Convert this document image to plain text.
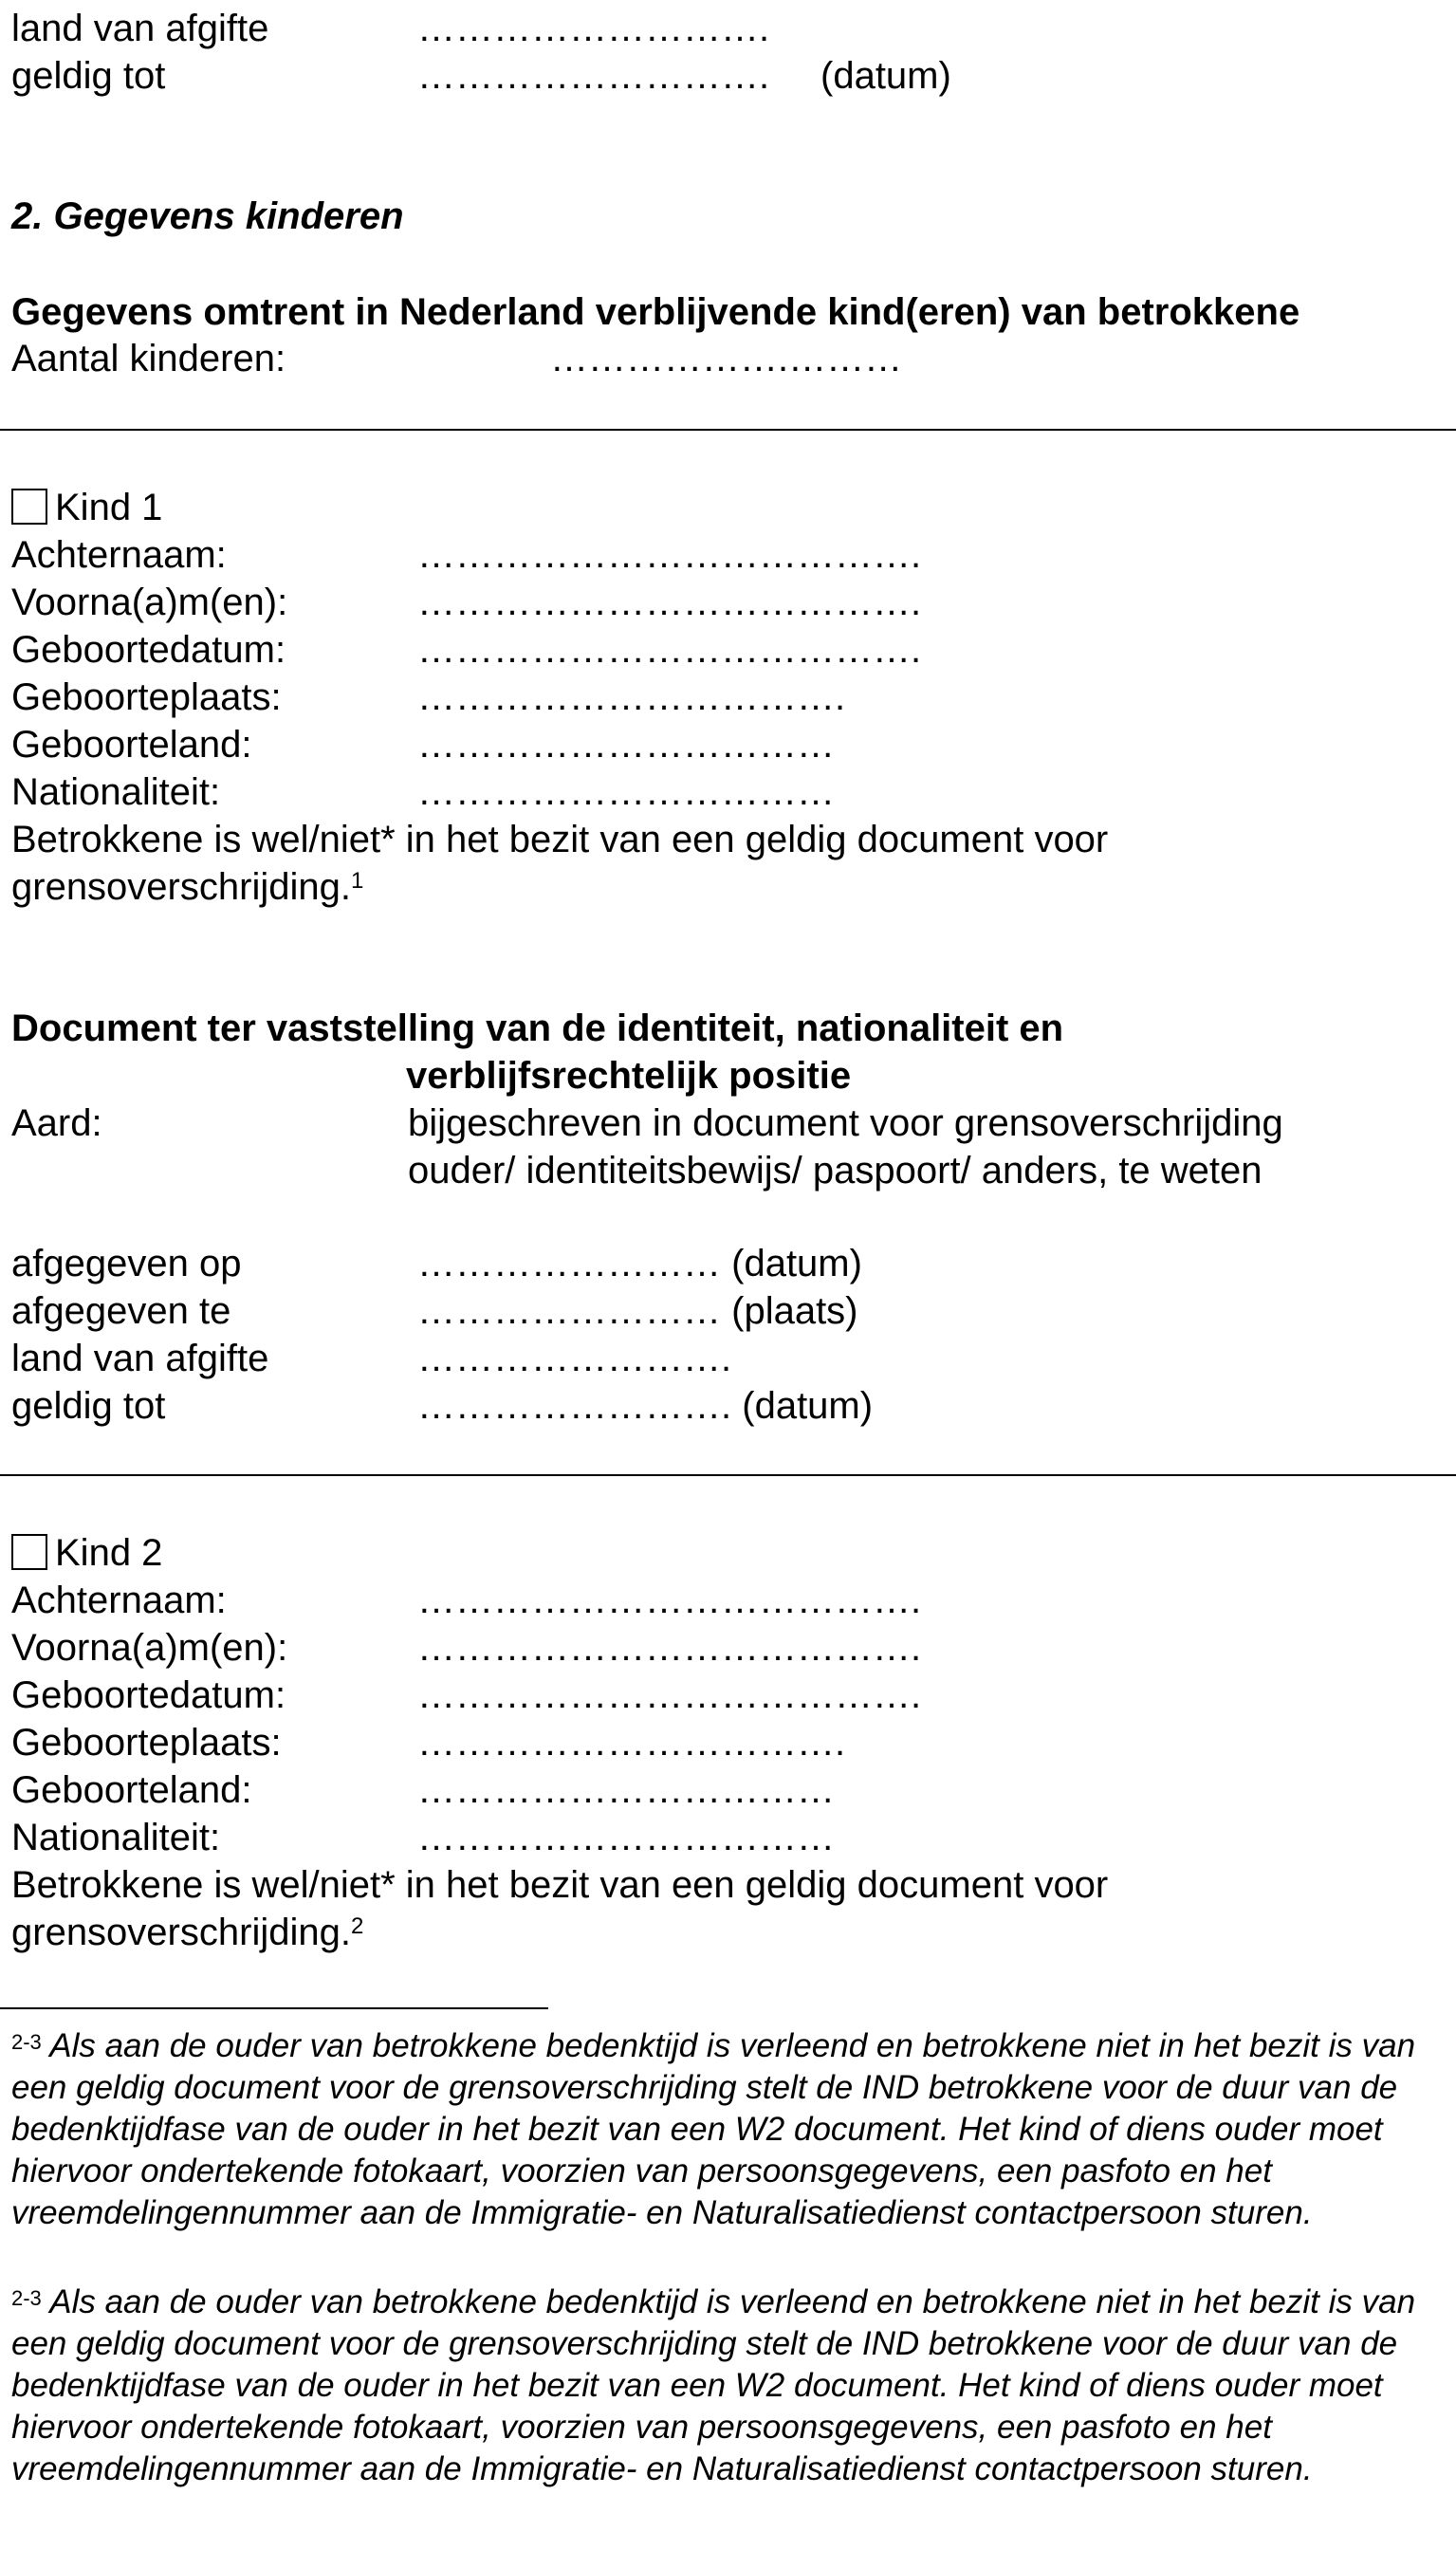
land van afgifte	……………………….
geldig tot	………………………. (datum)
2. Gegevens kinderen
Gegevens omtrent in Nederland verblijvende kind(eren) van betrokkene
Aantal kinderen:	……………….………
Kind 1
Achternaam:	………………………………….
Voorna(a)m(en):	………………………………….
Geboortedatum:	………………………………….
Geboorteplaats:	…………………………….
Geboorteland:	……………………………
Nationaliteit:	……………………………
Betrokkene is wel/niet* in het bezit van een geldig document voor
grensoverschrijding.$^1$
Document ter vaststelling van de identiteit, nationaliteit en
verblijfsrechtelijk positie
Aard:	bijgeschreven in document voor grensoverschrijding
ouder/ identiteitsbewijs/ paspoort/ anders, te weten
afgegeven op	…………………… (datum)
afgegeven te	…………………… (plaats)
land van afgifte	…………………….
geldig tot	……………………. (datum)
Kind 2
Achternaam:	………………………………….
Voorna(a)m(en):	………………………………….
Geboortedatum:	………………………………….
Geboorteplaats:	…………………………….
Geboorteland:	……………………………
Nationaliteit:	……………………………
Betrokkene is wel/niet* in het bezit van een geldig document voor
grensoverschrijding.$^2$
$^{2-3}$ Als aan de ouder van betrokkene bedenktijd is verleend en betrokkene niet in het bezit is van een geldig document voor de grensoverschrijding stelt de IND betrokkene voor de duur van de bedenktijdfase van de ouder in het bezit van een W2 document. Het kind of diens ouder moet hiervoor ondertekende fotokaart, voorzien van persoonsgegevens, een pasfoto en het vreemdelingennummer aan de Immigratie- en Naturalisatiedienst contactpersoon sturen.
$^{2-3}$ Als aan de ouder van betrokkene bedenktijd is verleend en betrokkene niet in het bezit is van een geldig document voor de grensoverschrijding stelt de IND betrokkene voor de duur van de bedenktijdfase van de ouder in het bezit van een W2 document. Het kind of diens ouder moet hiervoor ondertekende fotokaart, voorzien van persoonsgegevens, een pasfoto en het vreemdelingennummer aan de Immigratie- en Naturalisatiedienst contactpersoon sturen.
